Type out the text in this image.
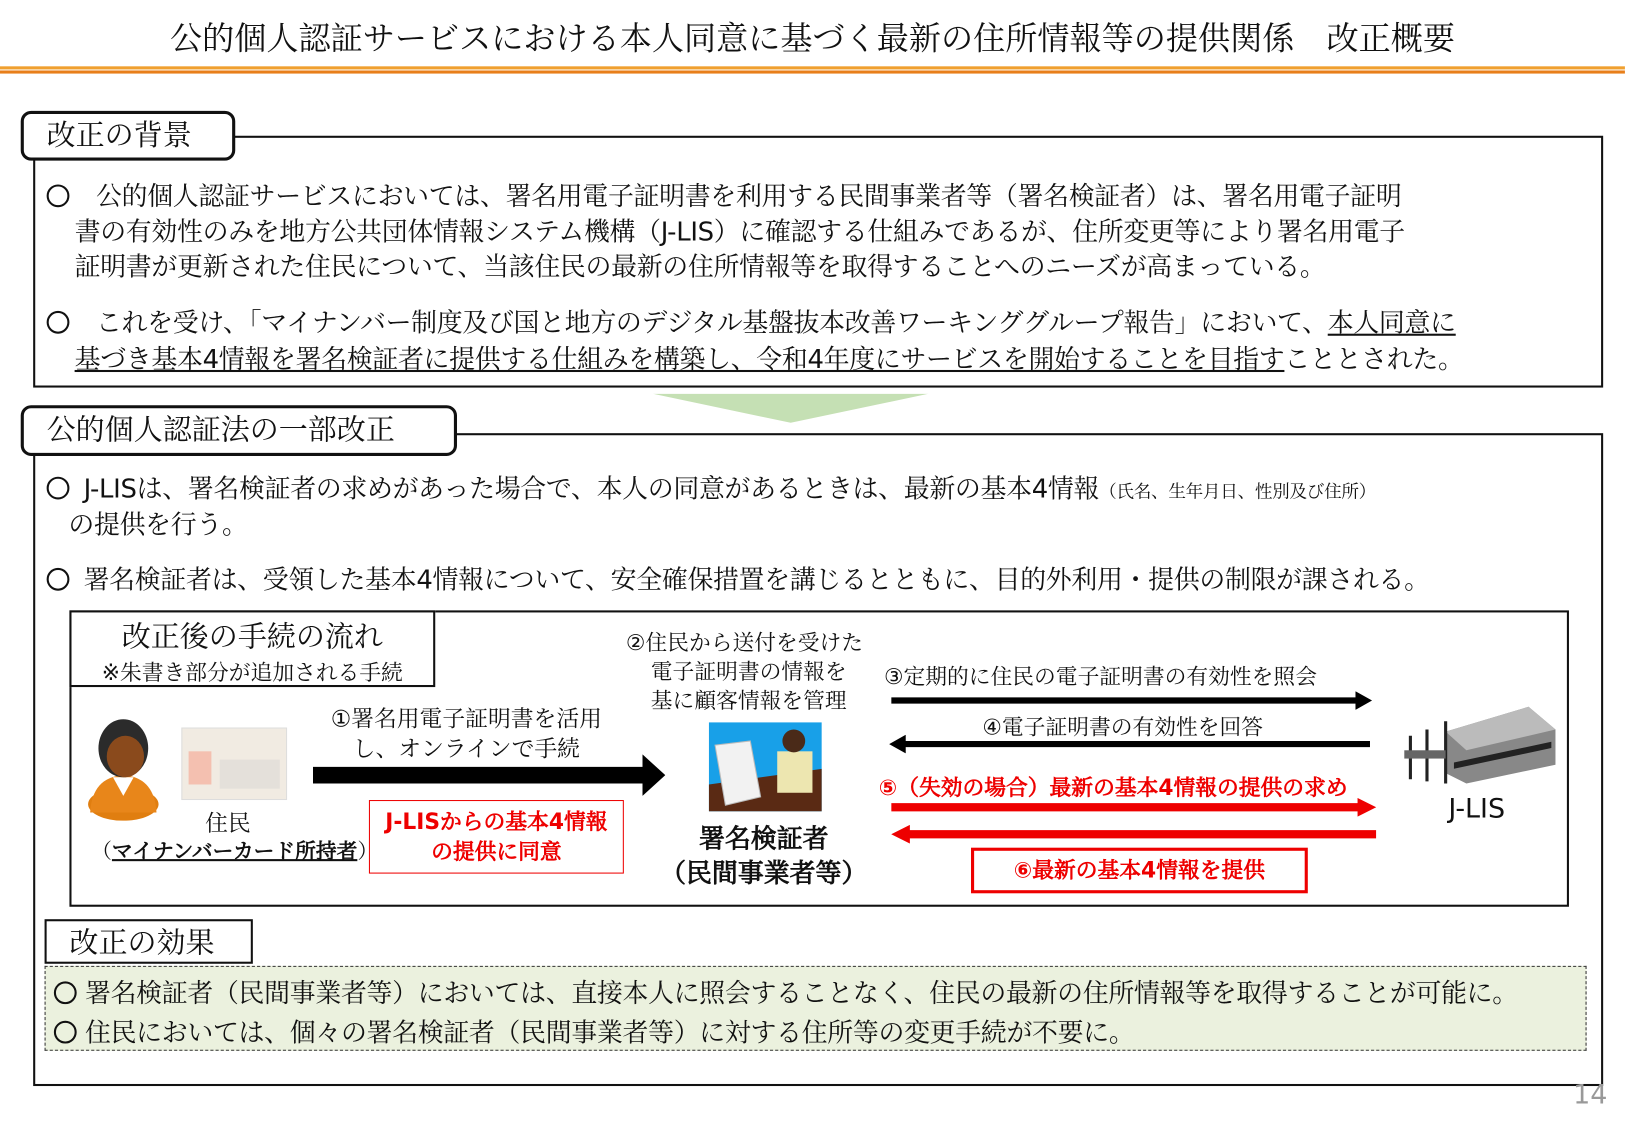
公的個人認証サービスにおける本人同意に基づく最新の住所情報等の提供関係　改正概要
改正の背景
公的個人認証サービスにおいては、署名用電子証明書を利用する民間事業者等（署名検証者）は、署名用電子証明
書の有効性のみを地方公共団体情報システム機構（J-LIS）に確認する仕組みであるが、住所変更等により署名用電子
証明書が更新された住民について、当該住民の最新の住所情報等を取得することへのニーズが高まっている。
これを受け、「マイナンバー制度及び国と地方のデジタル基盤抜本改善ワーキンググループ報告」において、本人同意に
基づき基本4情報を署名検証者に提供する仕組みを構築し、令和4年度にサービスを開始することを目指すこととされた。
公的個人認証法の一部改正
J-LISは、署名検証者の求めがあった場合で、本人の同意があるときは、最新の基本4情報（氏名、生年月日、性別及び住所）
の提供を行う。
署名検証者は、受領した基本4情報について、安全確保措置を講じるとともに、目的外利用・提供の制限が課される。
改正後の手続の流れ
※朱書き部分が追加される手続
住民
（マイナンバーカード所持者）
①署名用電子証明書を活用
し、オンラインで手続
J-LISからの基本4情報
の提供に同意
②住民から送付を受けた
電子証明書の情報を
基に顧客情報を管理
署名検証者
（民間事業者等）
③定期的に住民の電子証明書の有効性を照会
④電子証明書の有効性を回答
⑤（失効の場合）最新の基本4情報の提供の求め
⑥最新の基本4情報を提供
J-LIS
改正の効果
署名検証者（民間事業者等）においては、直接本人に照会することなく、住民の最新の住所情報等を取得することが可能に。
住民においては、個々の署名検証者（民間事業者等）に対する住所等の変更手続が不要に。
14
